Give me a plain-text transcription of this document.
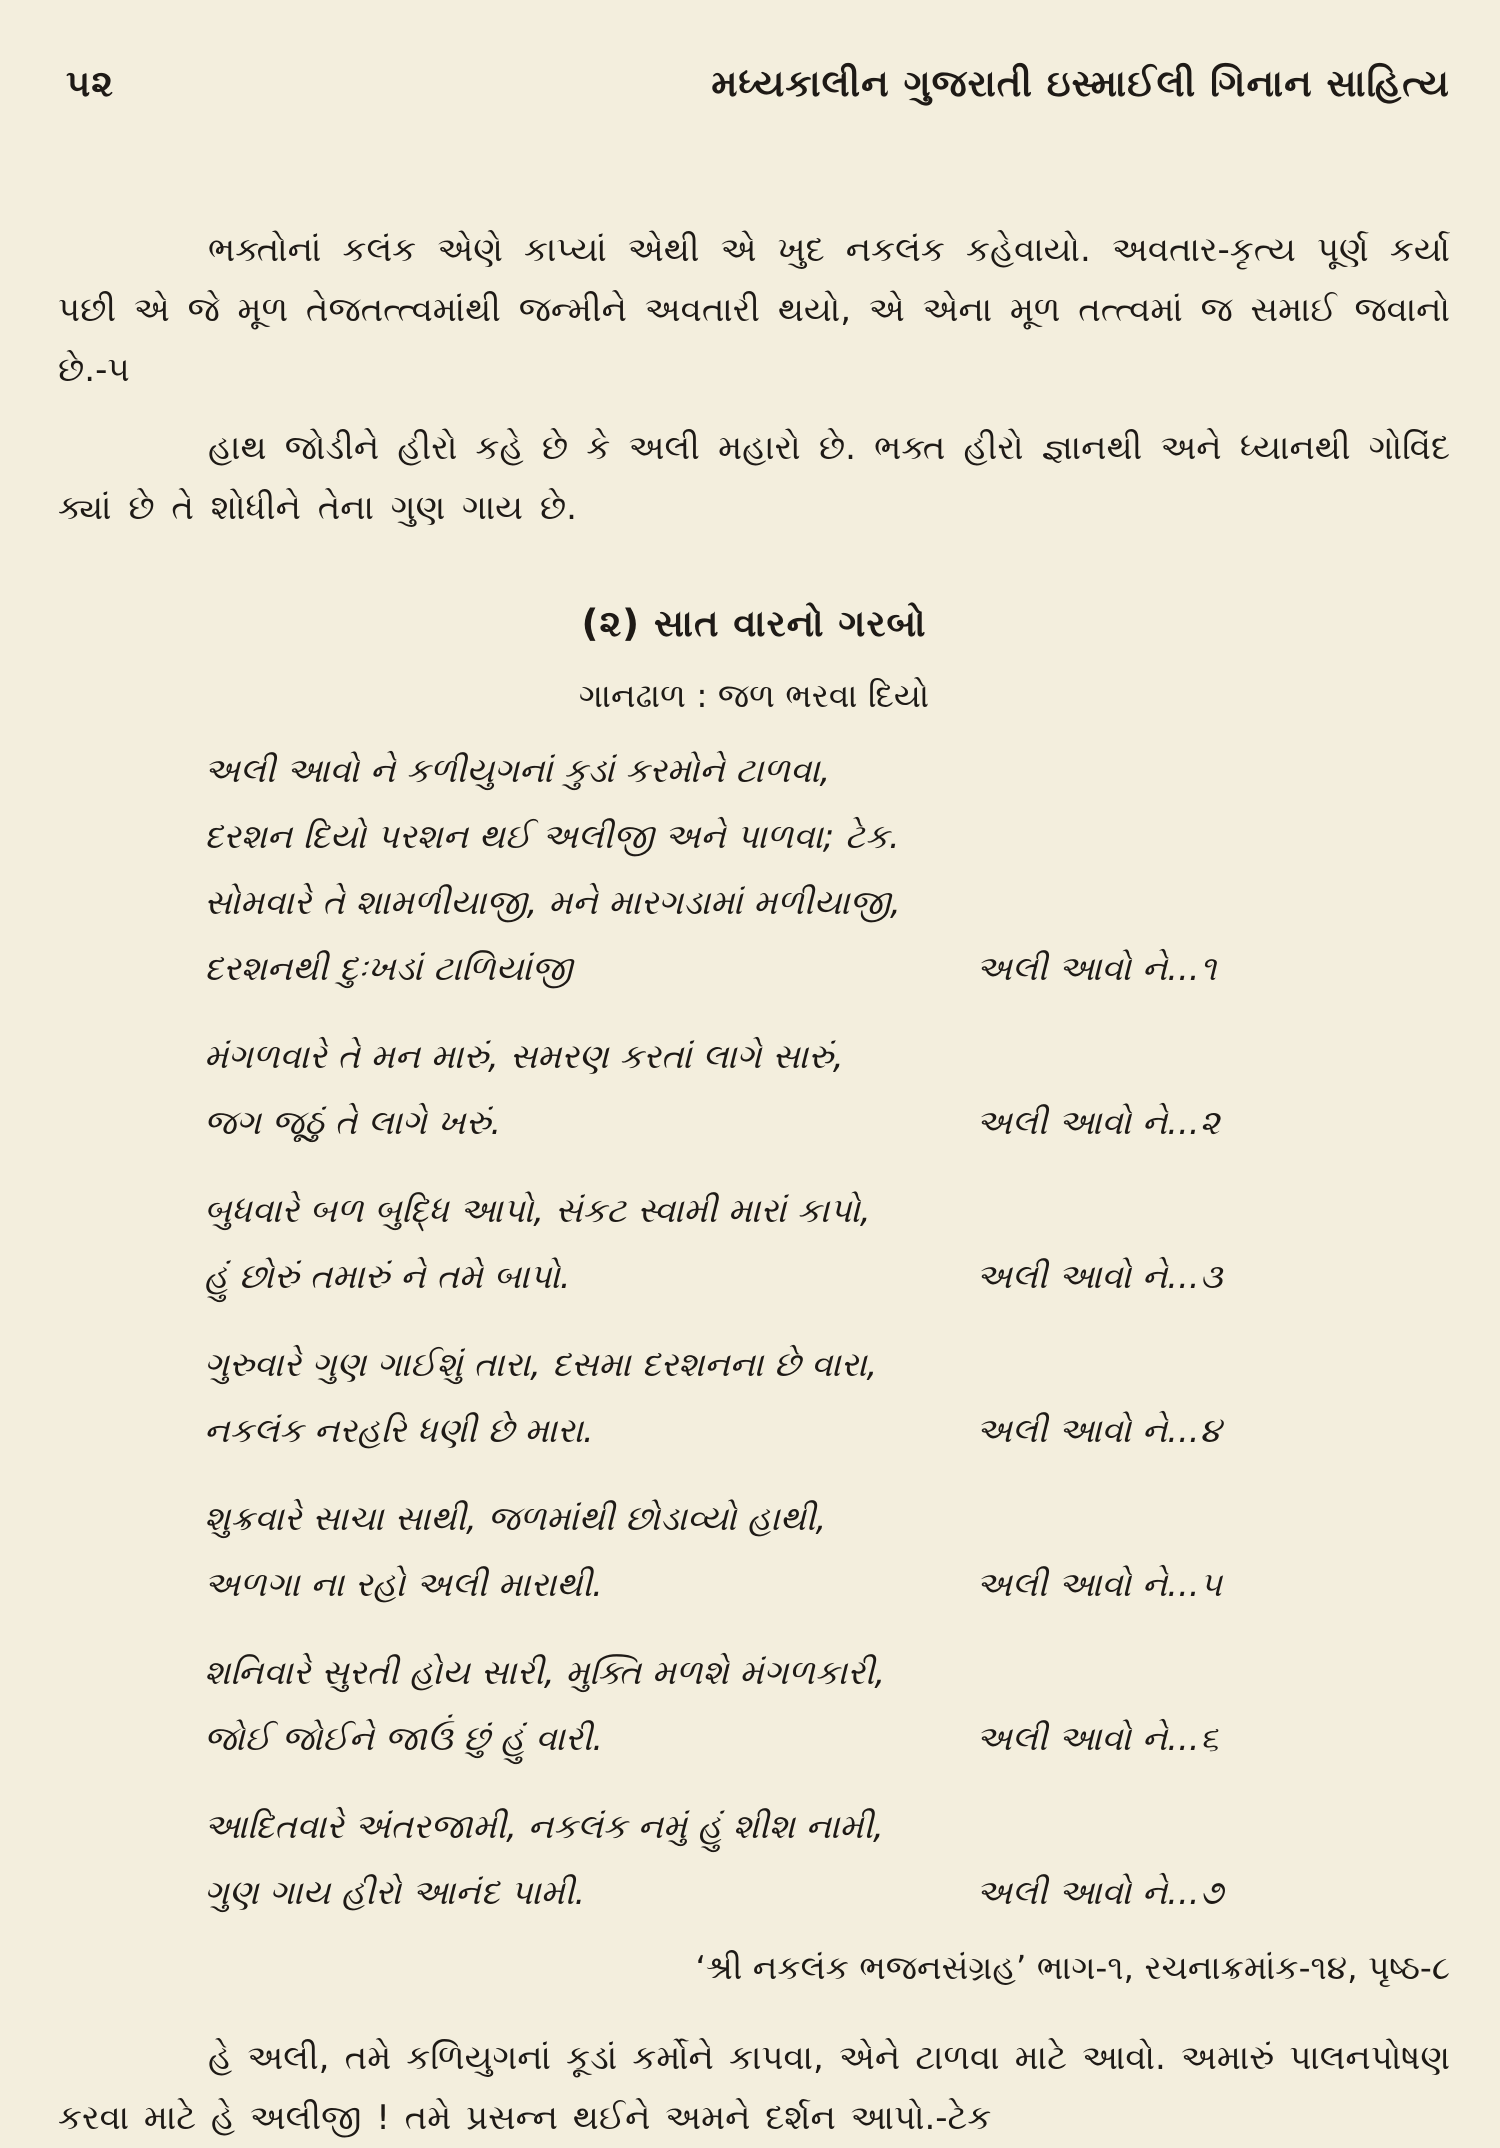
૫૨	મધ્યકાલીન ગુજરાતી ઇસ્માઈલી ગિનાન સાહિત્ય

ભક્તોનાં કલંક એણે કાપ્યાં એથી એ ખુદ નકલંક કહેવાયો. અવતાર-કૃત્ય પૂર્ણ કર્યા પછી એ જે મૂળ તેજતત્ત્વમાંથી જન્મીને અવતારી થયો, એ એના મૂળ તત્ત્વમાં જ સમાઈ જવાનો છે.-૫

હાથ જોડીને હીરો કહે છે કે અલી મહારો છે. ભક્ત હીરો જ્ઞાનથી અને ધ્યાનથી ગોવિંદ ક્યાં છે તે શોધીને તેના ગુણ ગાય છે.

(૨) સાત વારનો ગરબો
ગાનઢાળ : જળ ભરવા દિયો
અલી આવો ને કળીયુગનાં કુડાં કરમોને ટાળવા,
દરશન દિયો પરશન થઈ અલીજી અને પાળવા; ટેક.
સોમવારે તે શામળીયાજી, મને મારગડામાં મળીયાજી,
દરશનથી દુઃખડાં ટાળિયાંજી	અલી આવો ને...૧
મંગળવારે તે મન મારું, સમરણ કરતાં લાગે સારું,
જગ જૂઠું તે લાગે ખરું.	અલી આવો ને...૨
બુધવારે બળ બુદ્ધિ આપો, સંકટ સ્વામી મારાં કાપો,
હું છોરું તમારું ને તમે બાપો.	અલી આવો ને...૩
ગુરુવારે ગુણ ગાઈશું તારા, દસમા દરશનના છે વારા,
નકલંક નરહરિ ધણી છે મારા.	અલી આવો ને...૪
શુક્રવારે સાચા સાથી, જળમાંથી છોડાવ્યો હાથી,
અળગા ના રહો અલી મારાથી.	અલી આવો ને...૫
શનિવારે સુરતી હોય સારી, મુક્તિ મળશે મંગળકારી,
જોઈ જોઈને જાઉં છું હું વારી.	અલી આવો ને...૬
આદિતવારે અંતરજામી, નકલંક નમું હું શીશ નામી,
ગુણ ગાય હીરો આનંદ પામી.	અલી આવો ને...૭
‘શ્રી નકલંક ભજનસંગ્રહ’ ભાગ-૧, રચનાક્રમાંક-૧૪, પૃષ્ઠ-૮

હે અલી, તમે કળિયુગનાં કૂડાં કર્મોને કાપવા, એને ટાળવા માટે આવો. અમારું પાલનપોષણ કરવા માટે હે અલીજી ! તમે પ્રસન્ન થઈને અમને દર્શન આપો.-ટેક
